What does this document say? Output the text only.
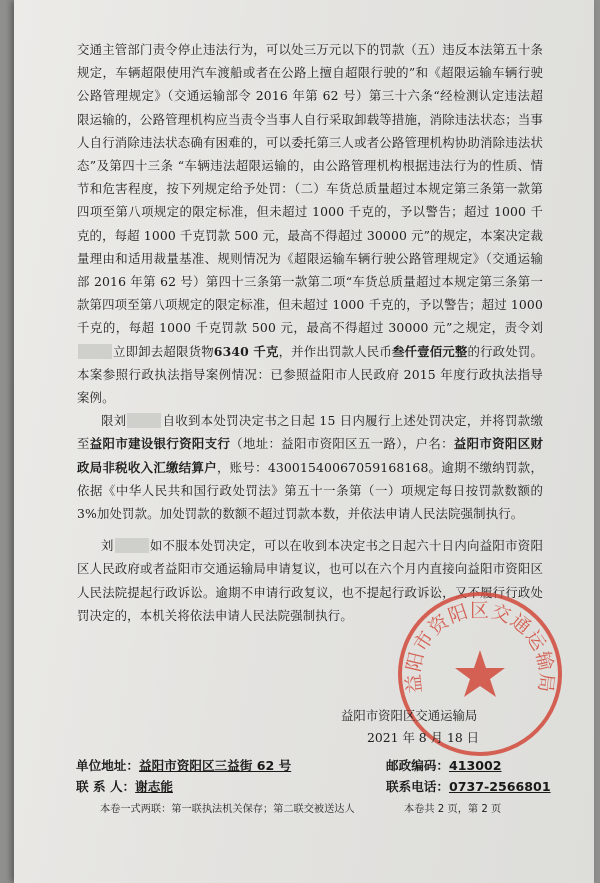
交通主管部门责令停止违法行为，可以处三万元以下的罚款（五）违反本法第五十条规定，车辆超限使用汽车渡船或者在公路上擅自超限行驶的”和《超限运输车辆行驶公路管理规定》（交通运输部令 2016 年第 62 号）第三十六条“经检测认定违法超限运输的，公路管理机构应当责令当事人自行采取卸载等措施，消除违法状态；当事人自行消除违法状态确有困难的，可以委托第三人或者公路管理机构协助消除违法状态”及第四十三条 “车辆违法超限运输的，由公路管理机构根据违法行为的性质、情节和危害程度，按下列规定给予处罚：（二）车货总质量超过本规定第三条第一款第四项至第八项规定的限定标准，但未超过 1000 千克的，予以警告；超过 1000 千克的，每超 1000 千克罚款 500 元，最高不得超过 30000 元”的规定，本案决定裁量理由和适用裁量基准、规则情况为《超限运输车辆行驶公路管理规定》（交通运输部 2016 年第 62 号）第四十三条第一款第二项“车货总质量超过本规定第三条第一款第四项至第八项规定的限定标准，但未超过 1000 千克的，予以警告；超过 1000 千克的，每超 1000 千克罚款 500 元，最高不得超过 30000 元”之规定，责令刘立即卸去超限货物6340 千克，并作出罚款人民币叁仟壹佰元整的行政处罚。本案参照行政执法指导案例情况：已参照益阳市人民政府 2015 年度行政执法指导案例。

限刘	自收到本处罚决定书之日起 15 日内履行上述处罚决定，并将罚款缴至益阳市建设银行资阳支行（地址：益阳市资阳区五一路），户名：益阳市资阳区财政局非税收入汇缴结算户，账号：43001540067059168168。逾期不缴纳罚款，依据《中华人民共和国行政处罚法》第五十一条第（一）项规定每日按罚款数额的 3%加处罚款。加处罚款的数额不超过罚款本数，并依法申请人民法院强制执行。

刘	如不服本处罚决定，可以在收到本决定书之日起六十日内向益阳市资阳区人民政府或者益阳市交通运输局申请复议，也可以在六个月内直接向益阳市资阳区人民法院提起行政诉讼。逾期不申请行政复议，也不提起行政诉讼，又不履行行政处罚决定的，本机关将依法申请人民法院强制执行。

益阳市资阳区交通运输局
益阳市资阳区交通运输局
2021 年 8 月 18 日
单位地址：益阳市资阳区三益街 62 号	邮政编码：413002
联 系 人：谢志能	联系电话：0737-2566801
本卷一式两联：第一联执法机关保存；第二联交被送达人	本卷共 2 页，第 2 页
